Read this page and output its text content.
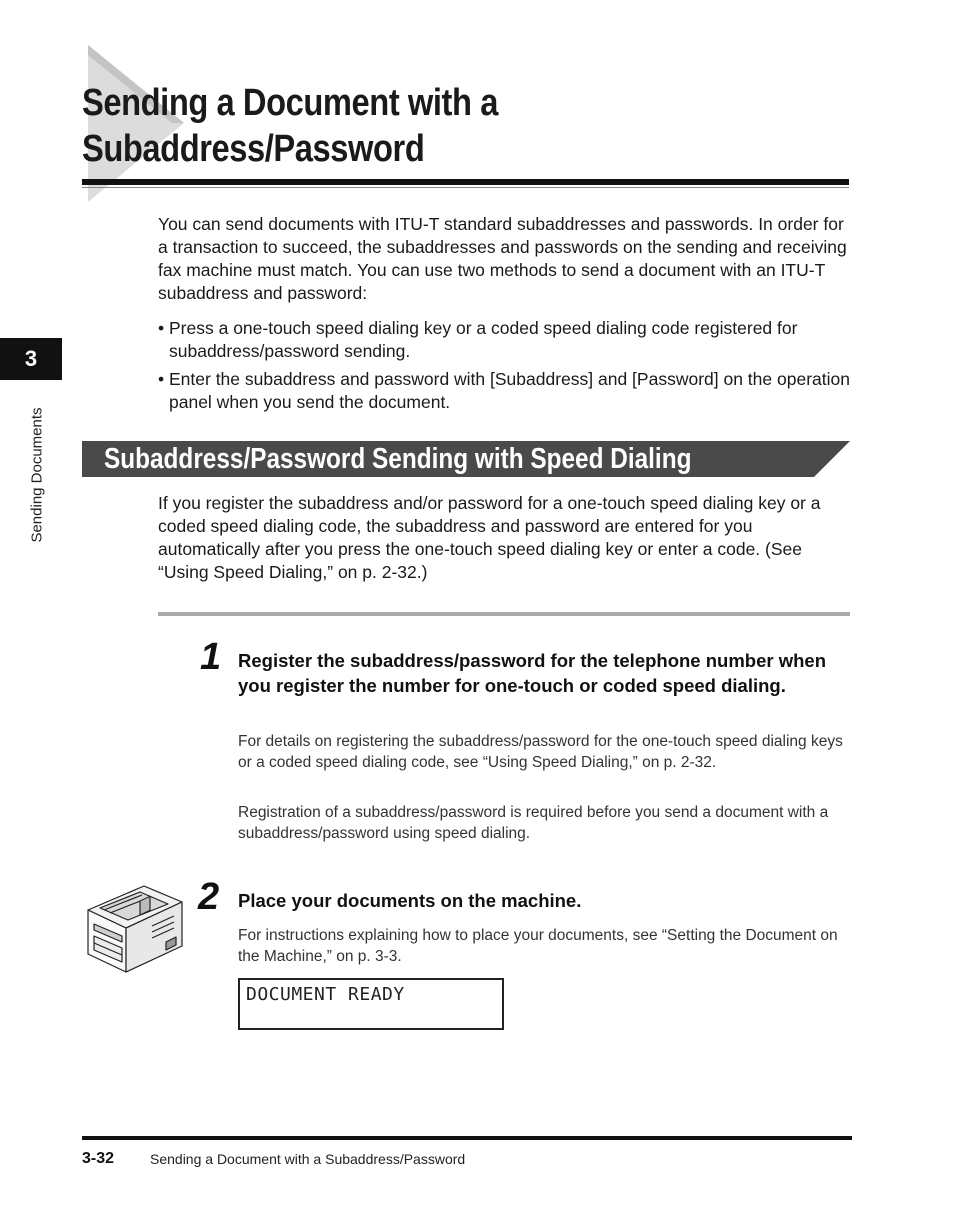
Sending a Document with a
Subaddress/Password
3
Sending Documents
You can send documents with ITU-T standard subaddresses and passwords. In order for a transaction to succeed, the subaddresses and passwords on the sending and receiving fax machine must match. You can use two methods to send a document with an ITU-T subaddress and password:
• Press a one-touch speed dialing key or a coded speed dialing code registered for subaddress/password sending.
• Enter the subaddress and password with [Subaddress] and [Password] on the operation panel when you send the document.
Subaddress/Password Sending with Speed Dialing
If you register the subaddress and/or password for a one-touch speed dialing key or a coded speed dialing code, the subaddress and password are entered for you automatically after you press the one-touch speed dialing key or enter a code. (See “Using Speed Dialing,” on p. 2-32.)
1 Register the subaddress/password for the telephone number when you register the number for one-touch or coded speed dialing.
For details on registering the subaddress/password for the one-touch speed dialing keys or a coded speed dialing code, see “Using Speed Dialing,” on p. 2-32.
Registration of a subaddress/password is required before you send a document with a subaddress/password using speed dialing.
2 Place your documents on the machine.
For instructions explaining how to place your documents, see “Setting the Document on the Machine,” on p. 3-3.
DOCUMENT READY
3-32	Sending a Document with a Subaddress/Password
